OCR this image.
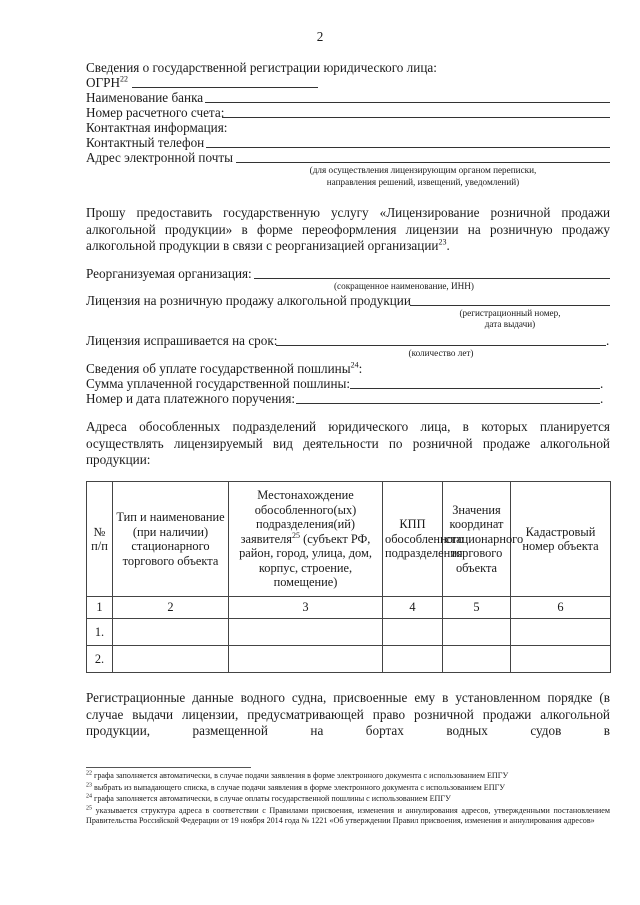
2
Сведения о государственной регистрации юридического лица:
ОГРН$^{22}$
Наименование банка
Номер расчетного счета:
Контактная информация:
Контактный телефон
Адрес электронной почты
(для осуществления лицензирующим органом переписки,
направления решений, извещений, уведомлений)
Прошу предоставить государственную услугу «Лицензирование розничной продажи алкогольной продукции» в форме переоформления лицензии на розничную продажу
алкогольной продукции в связи с реорганизацией организации$^{23}$.
Реорганизуемая организация:
(сокращенное наименование, ИНН)
Лицензия на розничную продажу алкогольной продукции
(регистрационный номер,
дата выдачи)
Лицензия испрашивается на срок:	.
(количество лет)
Сведения об уплате государственной пошлины$^{24}$:
Сумма уплаченной государственной пошлины:	.
Номер и дата платежного поручения:	.
Адреса обособленных подразделений юридического лица, в которых планируется осуществлять лицензируемый вид деятельности по розничной продаже алкогольной
продукции:
№
п/п	Тип и наименование (при наличии) стационарного торгового объекта	Местонахождение обособленного(ых) подразделения(ий) заявителя$^{25}$ (субъект РФ, район, город, улица, дом, корпус, строение, помещение)	КПП обособленного подразделения	Значения координат стационарного торгового объекта	Кадастровый номер объекта
1	2	3	4	5	6
1.					
2.					
Регистрационные данные водного судна, присвоенные ему в установленном порядке (в случае выдачи лицензии, предусматривающей право розничной продажи алкогольной продукции, размещенной на бортах водных судов в
$^{22}$ графа заполняется автоматически, в случае подачи заявления в форме электронного документа с использованием ЕПГУ
$^{23}$ выбрать из выпадающего списка, в случае подачи заявления в форме электронного документа с использованием ЕПГУ
$^{24}$ графа заполняется автоматически, в случае оплаты государственной пошлины с использованием ЕПГУ
$^{25}$ указывается структура адреса в соответствии с Правилами присвоения, изменения и аннулирования адресов, утвержденными постановлением Правительства Российской Федерации от 19 ноября 2014 года № 1221 «Об утверждении Правил присвоения, изменения и аннулирования адресов»
